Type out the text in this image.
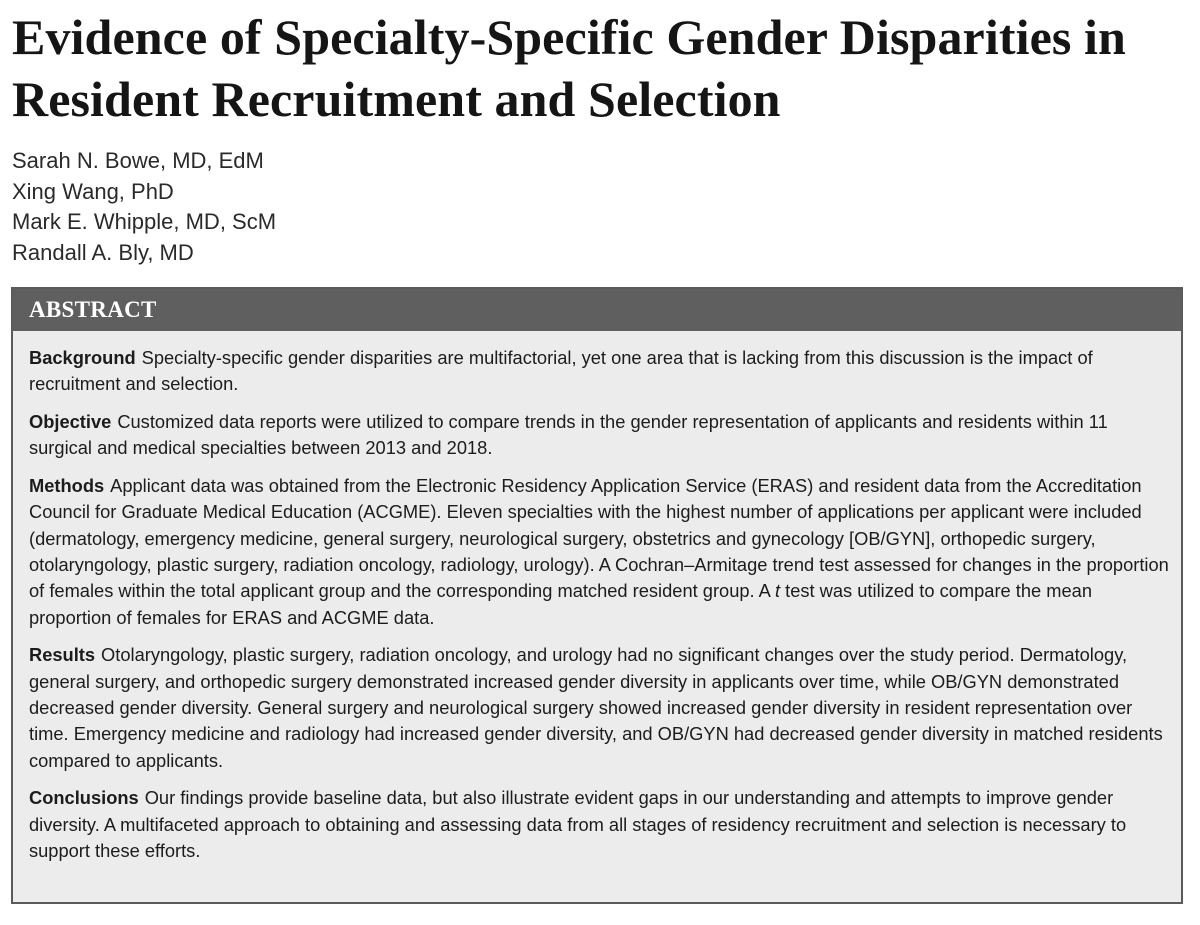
Evidence of Specialty-Specific Gender Disparities in Resident Recruitment and Selection
Sarah N. Bowe, MD, EdM
Xing Wang, PhD
Mark E. Whipple, MD, ScM
Randall A. Bly, MD
ABSTRACT

Background Specialty-specific gender disparities are multifactorial, yet one area that is lacking from this discussion is the impact of recruitment and selection.

Objective Customized data reports were utilized to compare trends in the gender representation of applicants and residents within 11 surgical and medical specialties between 2013 and 2018.

Methods Applicant data was obtained from the Electronic Residency Application Service (ERAS) and resident data from the Accreditation Council for Graduate Medical Education (ACGME). Eleven specialties with the highest number of applications per applicant were included (dermatology, emergency medicine, general surgery, neurological surgery, obstetrics and gynecology [OB/GYN], orthopedic surgery, otolaryngology, plastic surgery, radiation oncology, radiology, urology). A Cochran–Armitage trend test assessed for changes in the proportion of females within the total applicant group and the corresponding matched resident group. A t test was utilized to compare the mean proportion of females for ERAS and ACGME data.

Results Otolaryngology, plastic surgery, radiation oncology, and urology had no significant changes over the study period. Dermatology, general surgery, and orthopedic surgery demonstrated increased gender diversity in applicants over time, while OB/GYN demonstrated decreased gender diversity. General surgery and neurological surgery showed increased gender diversity in resident representation over time. Emergency medicine and radiology had increased gender diversity, and OB/GYN had decreased gender diversity in matched residents compared to applicants.

Conclusions Our findings provide baseline data, but also illustrate evident gaps in our understanding and attempts to improve gender diversity. A multifaceted approach to obtaining and assessing data from all stages of residency recruitment and selection is necessary to support these efforts.
